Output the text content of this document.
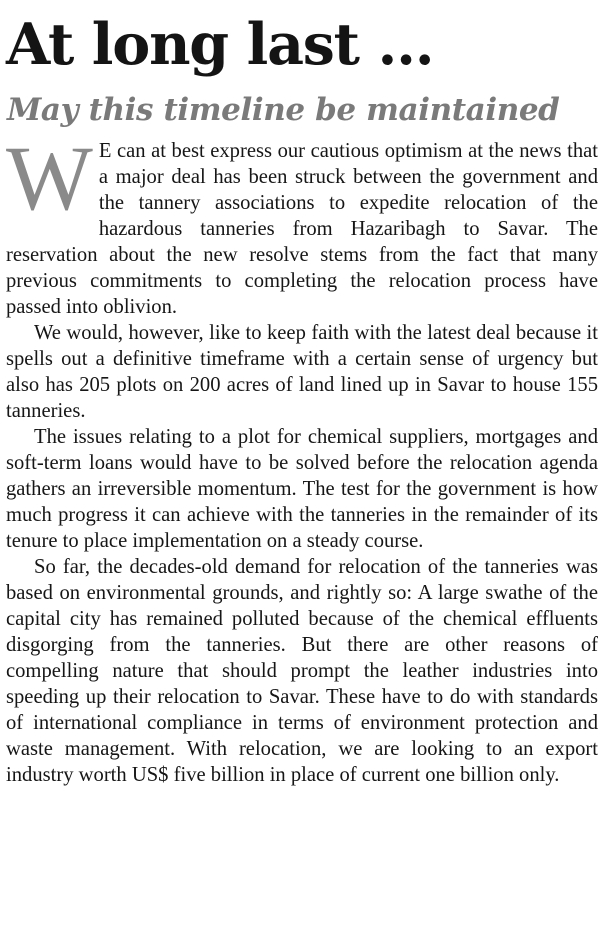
At long last ...
May this timeline be maintained

W E can at best express our cautious optimism at the news that a major deal has been struck between the government and the tannery associations to expedite relocation of the hazardous tanneries from Hazaribagh to Savar. The reservation about the new resolve stems from the fact that many previous commitments to completing the relocation process have passed into oblivion.

We would, however, like to keep faith with the latest deal because it spells out a definitive timeframe with a certain sense of urgency but also has 205 plots on 200 acres of land lined up in Savar to house 155 tanneries.

The issues relating to a plot for chemical suppliers, mortgages and soft-term loans would have to be solved before the relocation agenda gathers an irreversible momentum. The test for the government is how much progress it can achieve with the tanneries in the remainder of its tenure to place implementation on a steady course.

So far, the decades-old demand for relocation of the tanneries was based on environmental grounds, and rightly so: A large swathe of the capital city has remained polluted because of the chemical effluents disgorging from the tanneries. But there are other reasons of compelling nature that should prompt the leather industries into speeding up their relocation to Savar. These have to do with standards of international compliance in terms of environment protection and waste management. With relocation, we are looking to an export industry worth US$ five billion in place of current one billion only.
